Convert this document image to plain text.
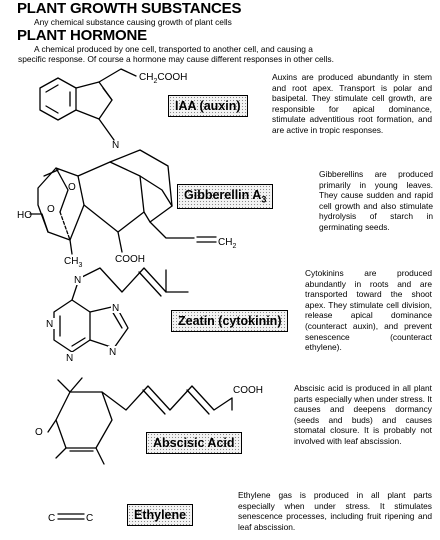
PLANT GROWTH SUBSTANCES
Any chemical substance causing growth of plant cells
PLANT HORMONE
A chemical produced by one cell, transported to another cell, and causing a
specific response. Of course a hormone may cause different responses in other cells.
N
$CH_2COOH$
IAA (auxin)
Auxins are produced abundantly in stem and root apex. Transport is polar and basipetal. They stimulate cell growth, are responsible for apical dominance, stimulate adventitious root formation, and are active in tropic responses.
HO
O
O
$CH_3$
COOH
$CH_2$
Gibberellin $A_3$
Gibberellins are produced primarily in young leaves. They cause sudden and rapid cell growth and also stimulate hydrolysis of starch in germinating seeds.
N
N
N
N
N
Zeatin (cytokinin)
Cytokinins are produced abundantly in roots and are transported toward the shoot apex. They stimulate cell division, release apical dominance (counteract auxin), and prevent senescence (counteract ethylene).
COOH
O
Abscisic Acid
Abscisic acid is produced in all plant parts especially when under stress. It causes and deepens dormancy (seeds and buds) and causes stomatal closure. It is probably not involved with leaf abscission.
C	C	Ethylene
Ethylene gas is produced in all plant parts especially when under stress. It stimulates senescence processes, including fruit ripening and leaf abscission.
